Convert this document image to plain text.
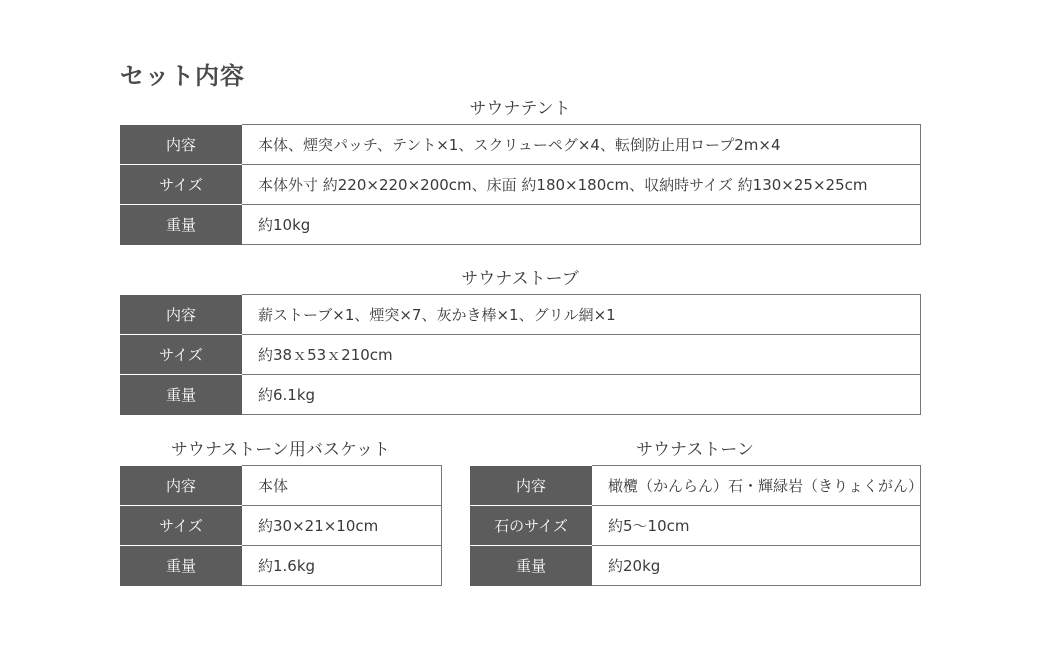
セット内容
サウナテント
内容	本体、煙突パッチ、テント×1、スクリューペグ×4、転倒防止用ロープ2m×4
サイズ	本体外寸 約220×220×200cm、床面 約180×180cm、収納時サイズ 約130×25×25cm
重量	約10kg
サウナストーブ
内容	薪ストーブ×1、煙突×7、灰かき棒×1、グリル網×1
サイズ	約38ｘ53ｘ210cm
重量	約6.1kg
サウナストーン用バスケット
内容	本体
サイズ	約30×21×10cm
重量	約1.6kg
サウナストーン
内容	橄欖（かんらん）石・輝緑岩（きりょくがん）
石のサイズ	約5〜10cm
重量	約20kg
